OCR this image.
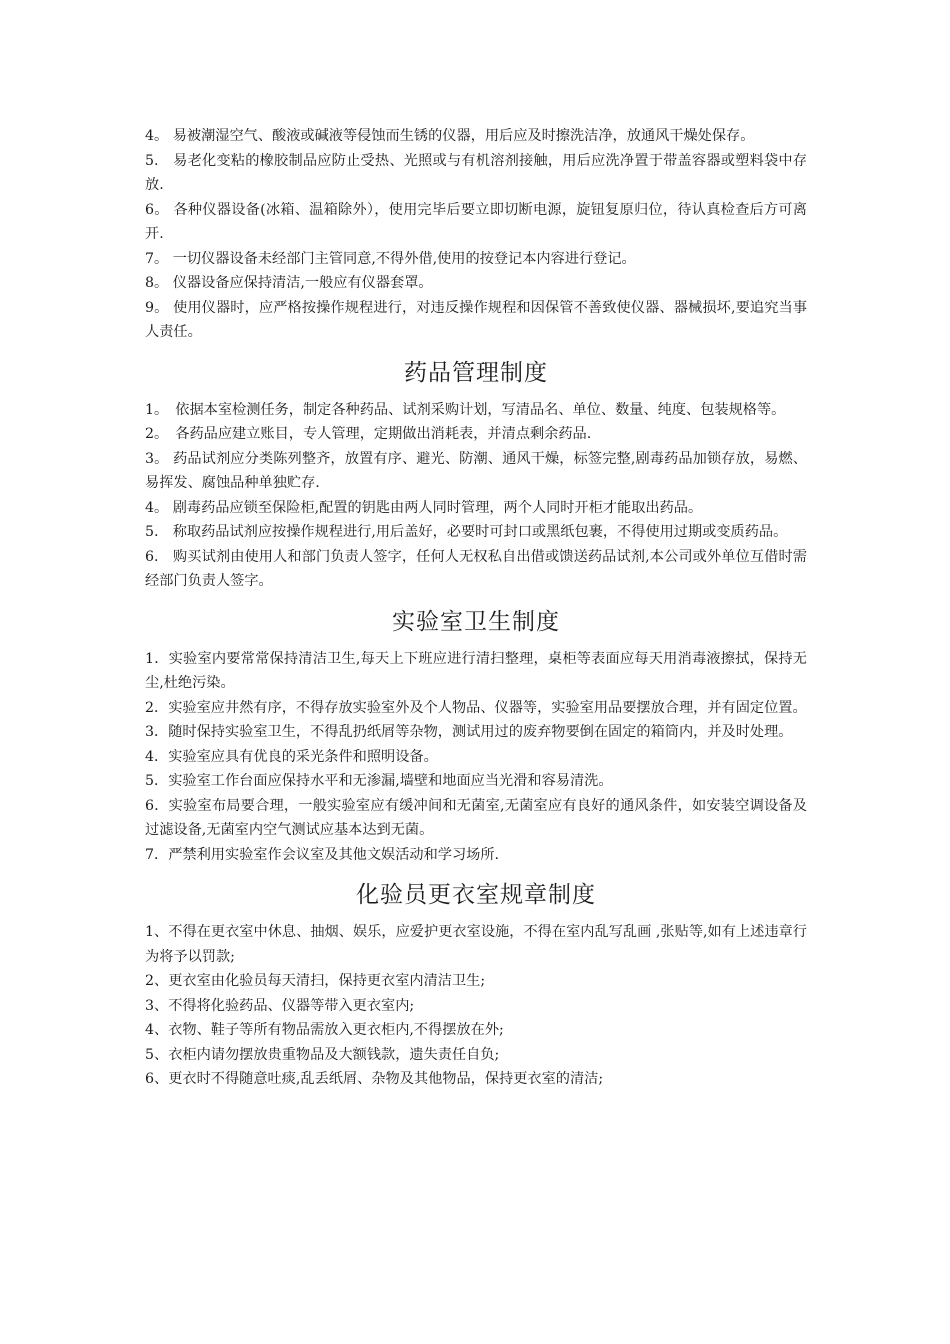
4。 易被潮湿空气、酸液或碱液等侵蚀而生锈的仪器，用后应及时擦洗洁净，放通风干燥处保存。

5.　易老化变粘的橡胶制品应防止受热、光照或与有机溶剂接触，用后应洗净置于带盖容器或塑料袋中存放.

6。 各种仪器设备(冰箱、温箱除外），使用完毕后要立即切断电源，旋钮复原归位，待认真检查后方可离开.

7。 一切仪器设备未经部门主管同意,不得外借,使用的按登记本内容进行登记。

8。 仪器设备应保持清洁,一般应有仪器套罩。

9。 使用仪器时，应严格按操作规程进行，对违反操作规程和因保管不善致使仪器、器械损坏,要追究当事人责任。

药品管理制度

1。　依据本室检测任务，制定各种药品、试剂采购计划，写清品名、单位、数量、纯度、包装规格等。

2。　各药品应建立账目，专人管理，定期做出消耗表，并清点剩余药品.

3。 药品试剂应分类陈列整齐，放置有序、避光、防潮、通风干燥，标签完整,剧毒药品加锁存放，易燃、易挥发、腐蚀品种单独贮存.

4。 剧毒药品应锁至保险柜,配置的钥匙由两人同时管理，两个人同时开柜才能取出药品。

5.　称取药品试剂应按操作规程进行,用后盖好，必要时可封口或黑纸包裹，不得使用过期或变质药品。

6.　购买试剂由使用人和部门负责人签字，任何人无权私自出借或馈送药品试剂,本公司或外单位互借时需经部门负责人签字。

实验室卫生制度

1．实验室内要常常保持清洁卫生,每天上下班应进行清扫整理，桌柜等表面应每天用消毒液擦拭，保持无尘,杜绝污染。

2．实验室应井然有序，不得存放实验室外及个人物品、仪器等，实验室用品要摆放合理，并有固定位置。

3．随时保持实验室卫生，不得乱扔纸屑等杂物，测试用过的废弃物要倒在固定的箱筒内，并及时处理。

4．实验室应具有优良的采光条件和照明设备。

5．实验室工作台面应保持水平和无渗漏,墙壁和地面应当光滑和容易清洗。

6．实验室布局要合理，一般实验室应有缓冲间和无菌室,无菌室应有良好的通风条件，如安装空调设备及过滤设备,无菌室内空气测试应基本达到无菌。

7．严禁利用实验室作会议室及其他文娱活动和学习场所.

化验员更衣室规章制度

1、不得在更衣室中休息、抽烟、娱乐，应爱护更衣室设施，不得在室内乱写乱画 ,张贴等,如有上述违章行为将予以罚款;

2、更衣室由化验员每天清扫，保持更衣室内清洁卫生;

3、不得将化验药品、仪器等带入更衣室内;

4、衣物、鞋子等所有物品需放入更衣柜内,不得摆放在外;

5、衣柜内请勿摆放贵重物品及大额钱款，遗失责任自负;

6、更衣时不得随意吐痰,乱丢纸屑、杂物及其他物品，保持更衣室的清洁;
